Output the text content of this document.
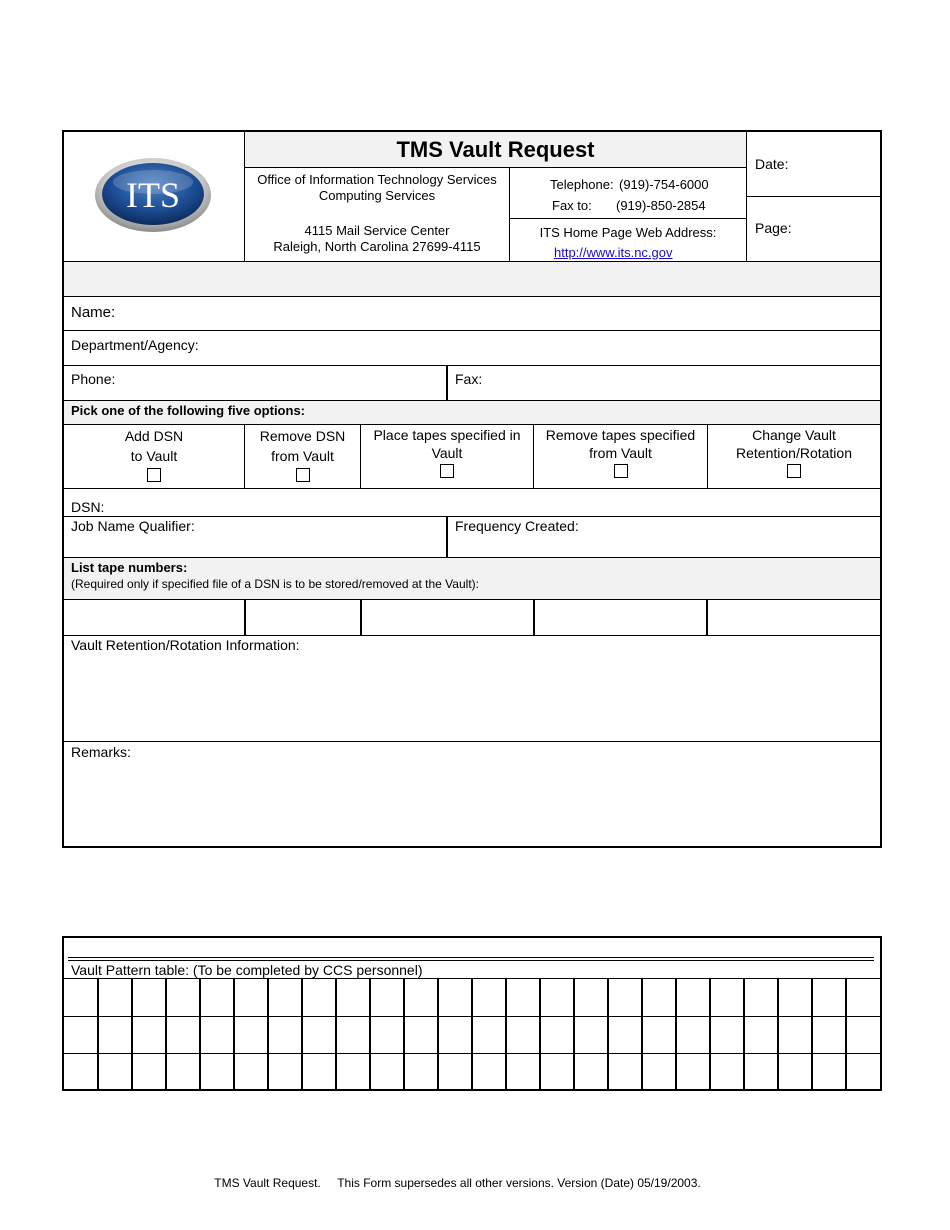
ITS
TMS Vault Request
Office of Information Technology Services
Computing Services
4115 Mail Service Center
Raleigh, North Carolina 27699-4115
Telephone: (919)-754-6000
Fax to: (919)-850-2854
ITS Home Page Web Address:
http://www.its.nc.gov
Date:
Page:
Name:
Department/Agency:
Phone:	Fax:
Pick one of the following five options:
Add DSN
to Vault
Remove DSN
from Vault
Place tapes specified in
Vault
Remove tapes specified
from Vault
Change Vault
Retention/Rotation
DSN:
Job Name Qualifier:	Frequency Created:
List tape numbers:
(Required only if specified file of a DSN is to be stored/removed at the Vault):
Vault Retention/Rotation Information:
Remarks:
Vault Pattern table: (To be completed by CCS personnel)
TMS Vault Request.     This Form supersedes all other versions. Version (Date) 05/19/2003.
